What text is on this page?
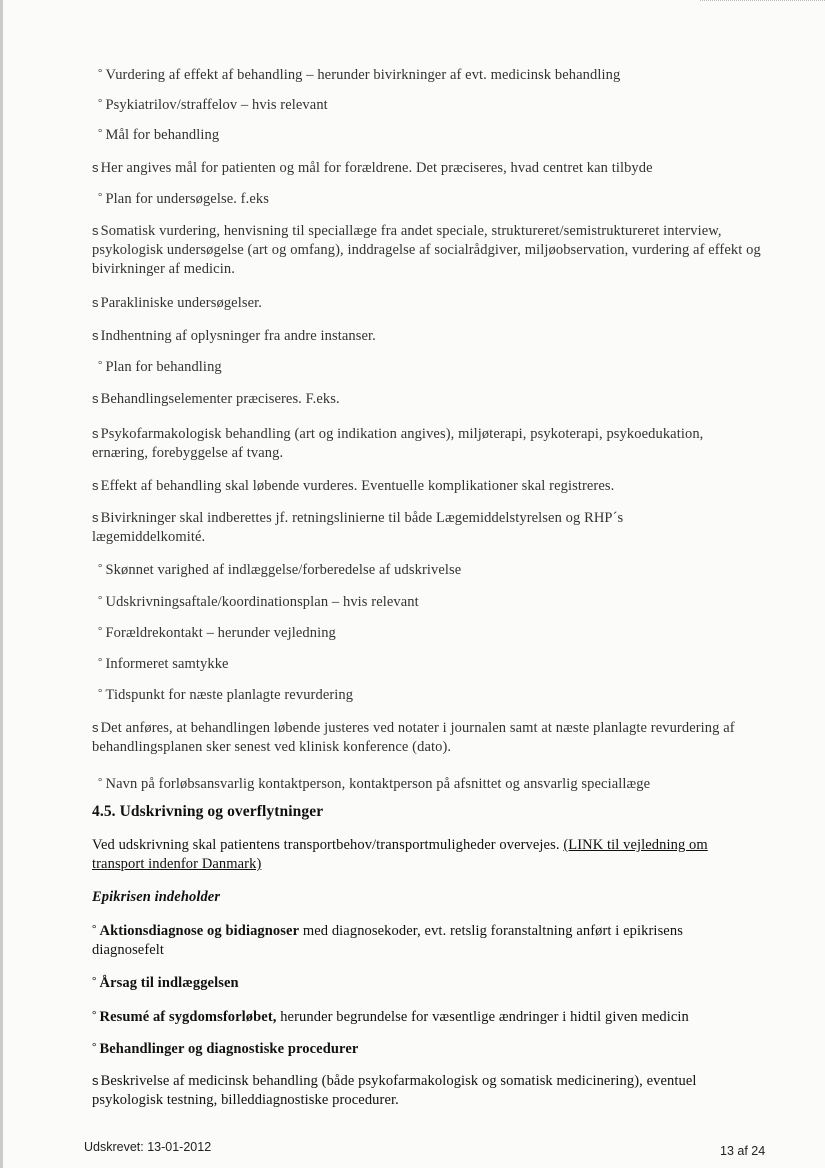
° Vurdering af effekt af behandling – herunder bivirkninger af evt. medicinsk behandling

° Psykiatrilov/straffelov – hvis relevant

° Mål for behandling

s Her angives mål for patienten og mål for forældrene. Det præciseres, hvad centret kan tilbyde

° Plan for undersøgelse. f.eks

s Somatisk vurdering, henvisning til speciallæge fra andet speciale, struktureret/semistruktureret interview, psykologisk undersøgelse (art og omfang), inddragelse af socialrådgiver, miljøobservation, vurdering af effekt og bivirkninger af medicin.

s Parakliniske undersøgelser.

s Indhentning af oplysninger fra andre instanser.

° Plan for behandling

s Behandlingselementer præciseres. F.eks.

s Psykofarmakologisk behandling (art og indikation angives), miljøterapi, psykoterapi, psykoedukation, ernæring, forebyggelse af tvang.

s Effekt af behandling skal løbende vurderes. Eventuelle komplikationer skal registreres.

s Bivirkninger skal indberettes jf. retningslinierne til både Lægemiddelstyrelsen og RHP´s lægemiddelkomité.

° Skønnet varighed af indlæggelse/forberedelse af udskrivelse

° Udskrivningsaftale/koordinationsplan – hvis relevant

° Forældrekontakt – herunder vejledning

° Informeret samtykke

° Tidspunkt for næste planlagte revurdering

s Det anføres, at behandlingen løbende justeres ved notater i journalen samt at næste planlagte revurdering af behandlingsplanen sker senest ved klinisk konference (dato).

° Navn på forløbsansvarlig kontaktperson, kontaktperson på afsnittet og ansvarlig speciallæge

4.5. Udskrivning og overflytninger

Ved udskrivning skal patientens transportbehov/transportmuligheder overvejes. (LINK til vejledning om transport indenfor Danmark)

Epikrisen indeholder

° Aktionsdiagnose og bidiagnoser med diagnosekoder, evt. retslig foranstaltning anført i epikrisens diagnosefelt

° Årsag til indlæggelsen

° Resumé af sygdomsforløbet, herunder begrundelse for væsentlige ændringer i hidtil given medicin

° Behandlinger og diagnostiske procedurer

s Beskrivelse af medicinsk behandling (både psykofarmakologisk og somatisk medicinering), eventuel psykologisk testning, billeddiagnostiske procedurer.

Udskrevet: 13-01-2012	13 af 24
